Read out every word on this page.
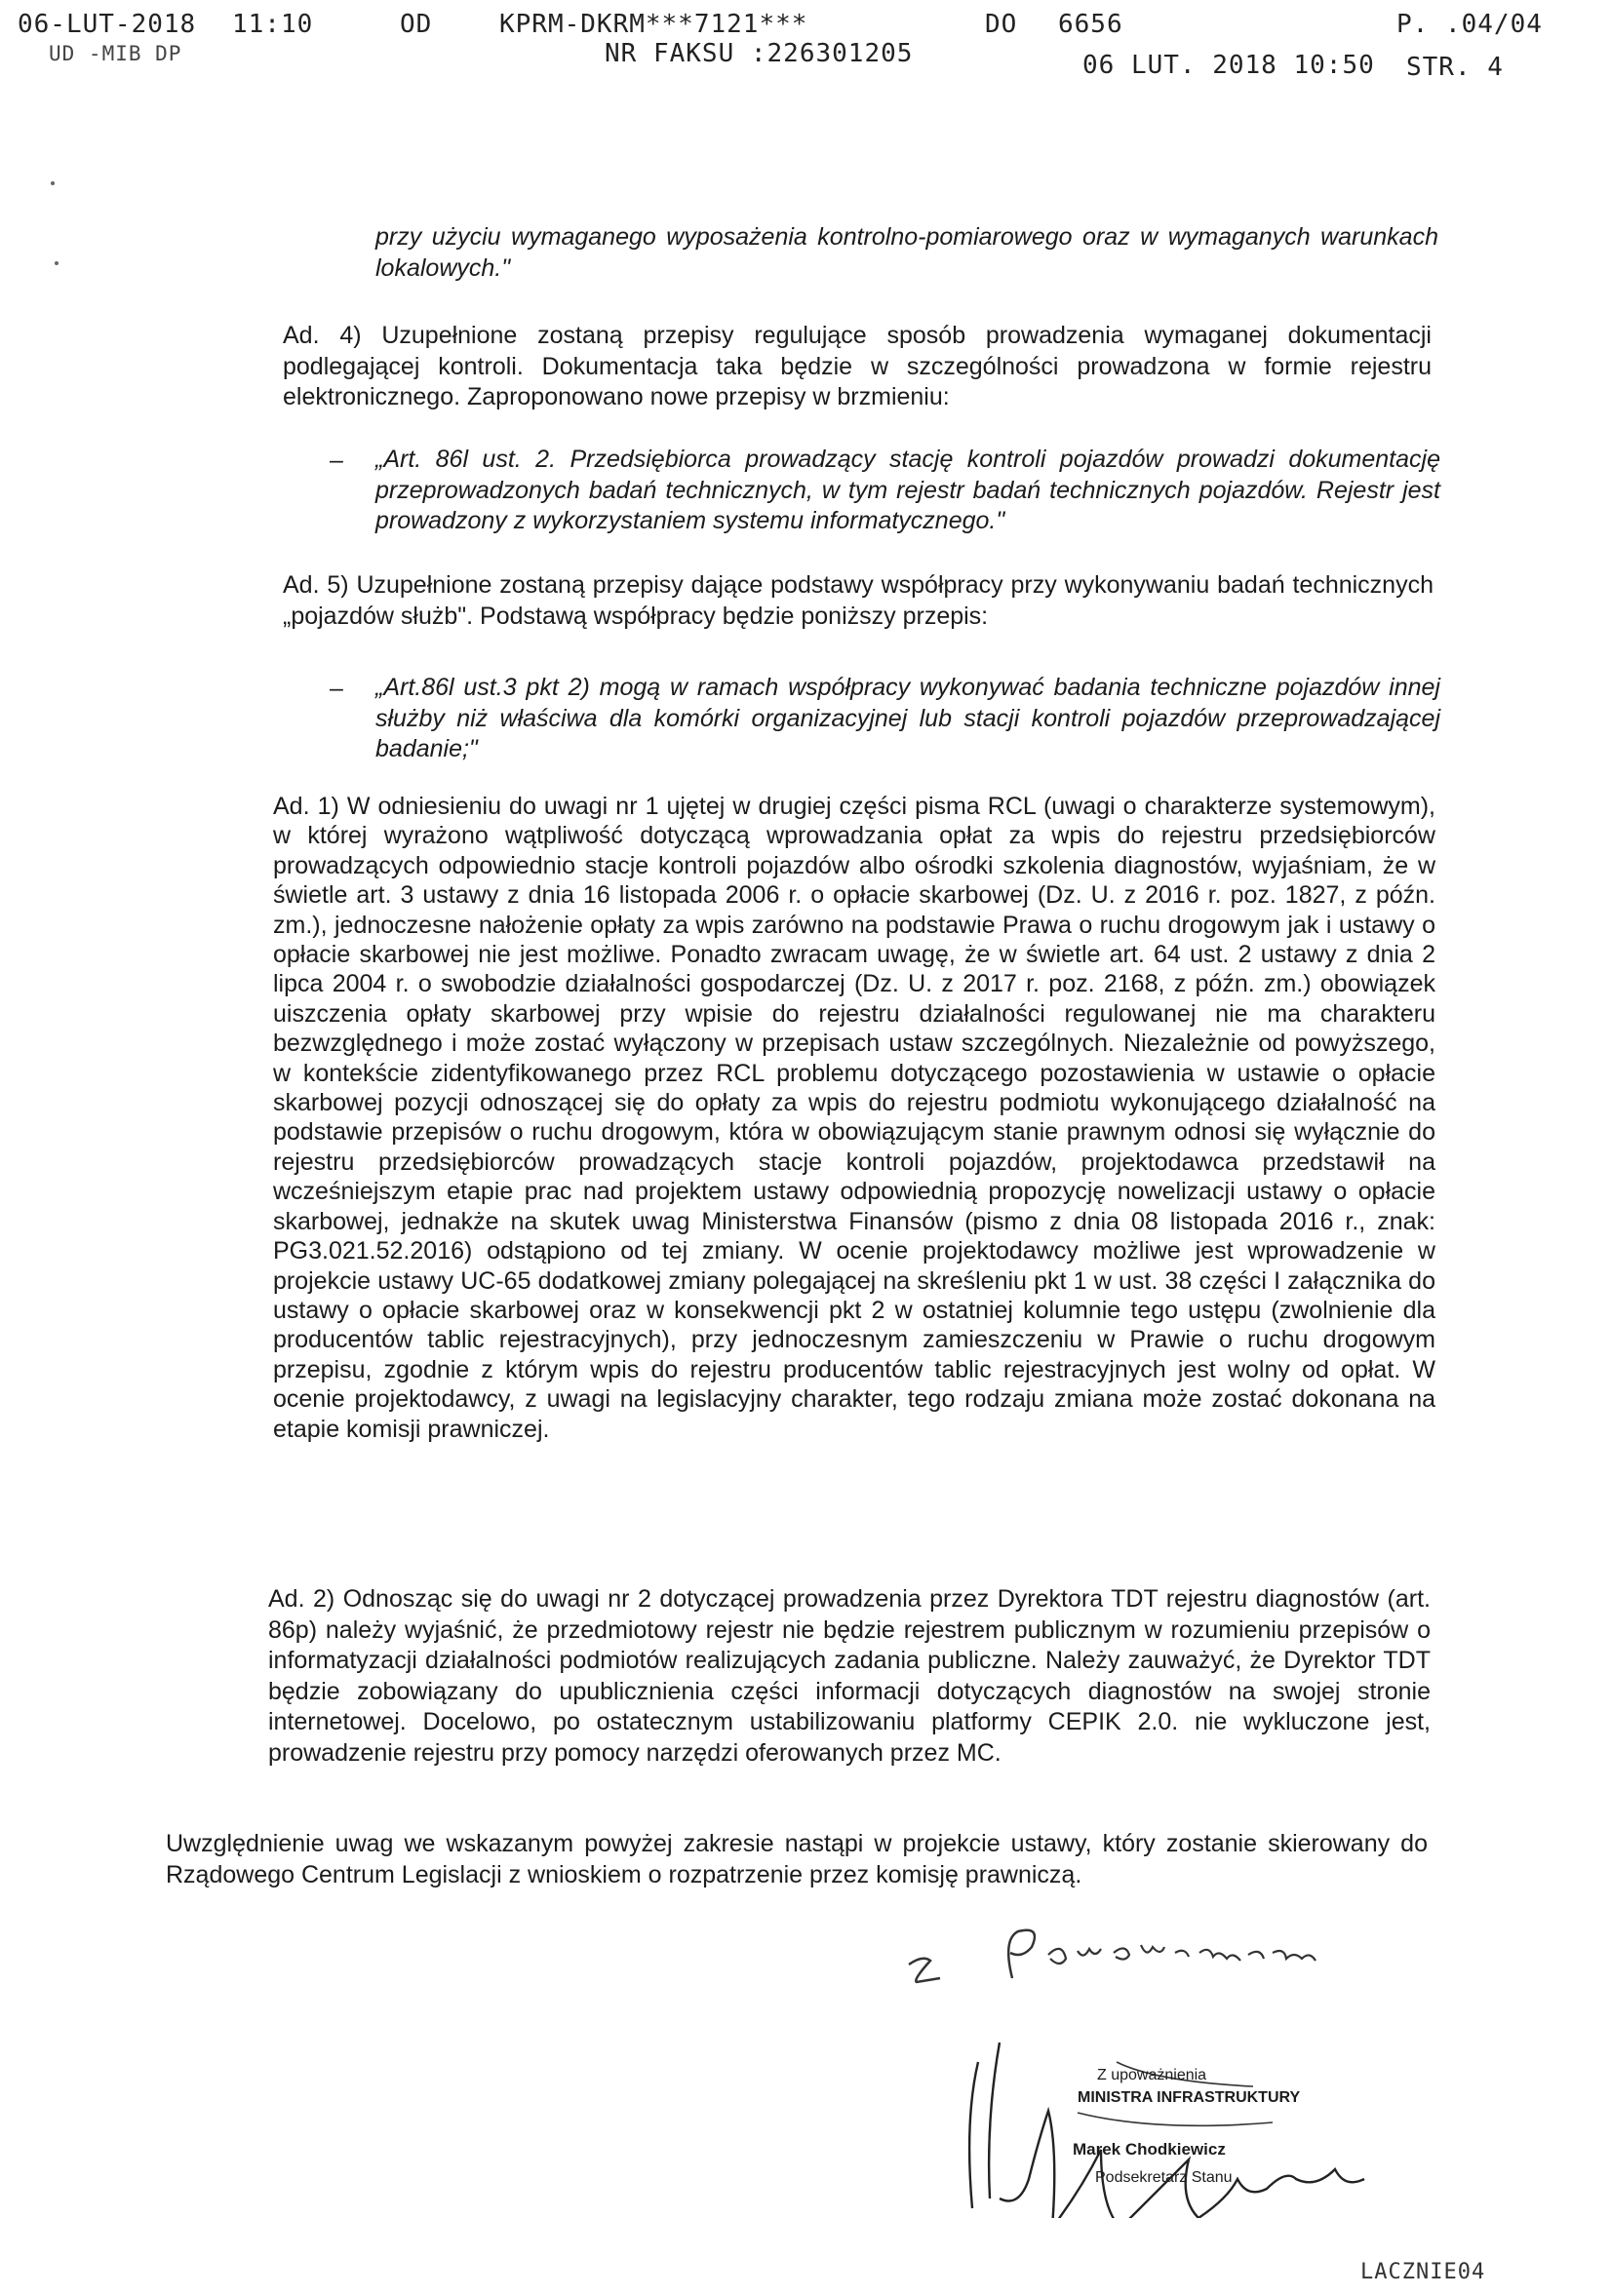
06-LUT-2018 11:10	OD	KPRM-DKRM***7121***	DO 6656	P. .04/04
UD -MIB DP	NR FAKSU :226301205	06 LUT. 2018 10:50 STR. 4
przy użyciu wymaganego wyposażenia kontrolno-pomiarowego oraz w wymaganych warunkach lokalowych."
Ad. 4) Uzupełnione zostaną przepisy regulujące sposób prowadzenia wymaganej dokumentacji podlegającej kontroli. Dokumentacja taka będzie w szczególności prowadzona w formie rejestru elektronicznego. Zaproponowano nowe przepisy w brzmieniu:
– „Art. 86l ust. 2. Przedsiębiorca prowadzący stację kontroli pojazdów prowadzi dokumentację przeprowadzonych badań technicznych, w tym rejestr badań technicznych pojazdów. Rejestr jest prowadzony z wykorzystaniem systemu informatycznego."
Ad. 5) Uzupełnione zostaną przepisy dające podstawy współpracy przy wykonywaniu badań technicznych „pojazdów służb". Podstawą współpracy będzie poniższy przepis:
– „Art.86l ust.3 pkt 2) mogą w ramach współpracy wykonywać badania techniczne pojazdów innej służby niż właściwa dla komórki organizacyjnej lub stacji kontroli pojazdów przeprowadzającej badanie;"
Ad. 1) W odniesieniu do uwagi nr 1 ujętej w drugiej części pisma RCL (uwagi o charakterze systemowym), w której wyrażono wątpliwość dotyczącą wprowadzania opłat za wpis do rejestru przedsiębiorców prowadzących odpowiednio stacje kontroli pojazdów albo ośrodki szkolenia diagnostów, wyjaśniam, że w świetle art. 3 ustawy z dnia 16 listopada 2006 r. o opłacie skarbowej (Dz. U. z 2016 r. poz. 1827, z późn. zm.), jednoczesne nałożenie opłaty za wpis zarówno na podstawie Prawa o ruchu drogowym jak i ustawy o opłacie skarbowej nie jest możliwe. Ponadto zwracam uwagę, że w świetle art. 64 ust. 2 ustawy z dnia 2 lipca 2004 r. o swobodzie działalności gospodarczej (Dz. U. z 2017 r. poz. 2168, z późn. zm.) obowiązek uiszczenia opłaty skarbowej przy wpisie do rejestru działalności regulowanej nie ma charakteru bezwzględnego i może zostać wyłączony w przepisach ustaw szczególnych. Niezależnie od powyższego, w kontekście zidentyfikowanego przez RCL problemu dotyczącego pozostawienia w ustawie o opłacie skarbowej pozycji odnoszącej się do opłaty za wpis do rejestru podmiotu wykonującego działalność na podstawie przepisów o ruchu drogowym, która w obowiązującym stanie prawnym odnosi się wyłącznie do rejestru przedsiębiorców prowadzących stacje kontroli pojazdów, projektodawca przedstawił na wcześniejszym etapie prac nad projektem ustawy odpowiednią propozycję nowelizacji ustawy o opłacie skarbowej, jednakże na skutek uwag Ministerstwa Finansów (pismo z dnia 08 listopada 2016 r., znak: PG3.021.52.2016) odstąpiono od tej zmiany. W ocenie projektodawcy możliwe jest wprowadzenie w projekcie ustawy UC-65 dodatkowej zmiany polegającej na skreśleniu pkt 1 w ust. 38 części I załącznika do ustawy o opłacie skarbowej oraz w konsekwencji pkt 2 w ostatniej kolumnie tego ustępu (zwolnienie dla producentów tablic rejestracyjnych), przy jednoczesnym zamieszczeniu w Prawie o ruchu drogowym przepisu, zgodnie z którym wpis do rejestru producentów tablic rejestracyjnych jest wolny od opłat. W ocenie projektodawcy, z uwagi na legislacyjny charakter, tego rodzaju zmiana może zostać dokonana na etapie komisji prawniczej.
Ad. 2) Odnosząc się do uwagi nr 2 dotyczącej prowadzenia przez Dyrektora TDT rejestru diagnostów (art. 86p) należy wyjaśnić, że przedmiotowy rejestr nie będzie rejestrem publicznym w rozumieniu przepisów o informatyzacji działalności podmiotów realizujących zadania publiczne. Należy zauważyć, że Dyrektor TDT będzie zobowiązany do upublicznienia części informacji dotyczących diagnostów na swojej stronie internetowej. Docelowo, po ostatecznym ustabilizowaniu platformy CEPIK 2.0. nie wykluczone jest, prowadzenie rejestru przy pomocy narzędzi oferowanych przez MC.
Uwzględnienie uwag we wskazanym powyżej zakresie nastąpi w projekcie ustawy, który zostanie skierowany do Rządowego Centrum Legislacji z wnioskiem o rozpatrzenie przez komisję prawniczą.
Z upoważnienia
MINISTRA INFRASTRUKTURY
Marek Chodkiewicz
Podsekretarz Stanu
LACZNIE04
